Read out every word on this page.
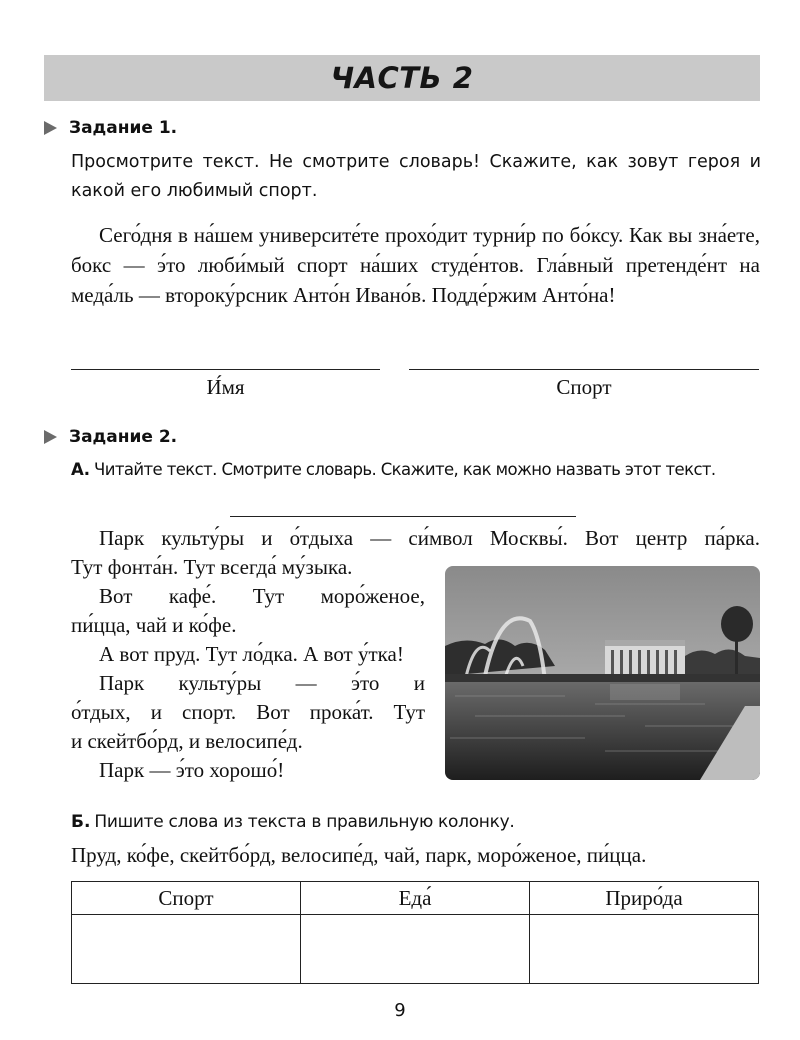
ЧАСТЬ 2
Задание 1.
Просмотрите текст. Не смотрите словарь! Скажите, как зовут героя и какой его любимый спорт.
Сего́дня в на́шем университе́те прохо́дит турни́р по бо́ксу. Как вы зна́ете, бокс — э́то люби́мый спорт на́ших студе́нтов. Гла́вный претенде́нт на меда́ль — второку́рсник Анто́н Ивано́в. Подде́ржим Анто́на!
И́мя	Спорт
Задание 2.
А. Читайте текст. Смотрите словарь. Скажите, как можно назвать этот текст.
Парк культу́ры и о́тдыха — си́мвол Москвы́. Вот центр па́рка.
Тут фонта́н. Тут всегда́ му́зыка.
Вот кафе́. Тут моро́женое,
пи́цца, чай и ко́фе.
А вот пруд. Тут ло́дка. А вот у́тка!
Парк культу́ры — э́то и
о́тдых, и спорт. Вот прока́т. Тут
и скейтбо́рд, и велосипе́д.
Парк — э́то хорошо́!
Б. Пишите слова из текста в правильную колонку.
Пруд, ко́фе, скейтбо́рд, велосипе́д, чай, парк, моро́женое, пи́цца.
Спорт	Еда́	Приро́да

9
